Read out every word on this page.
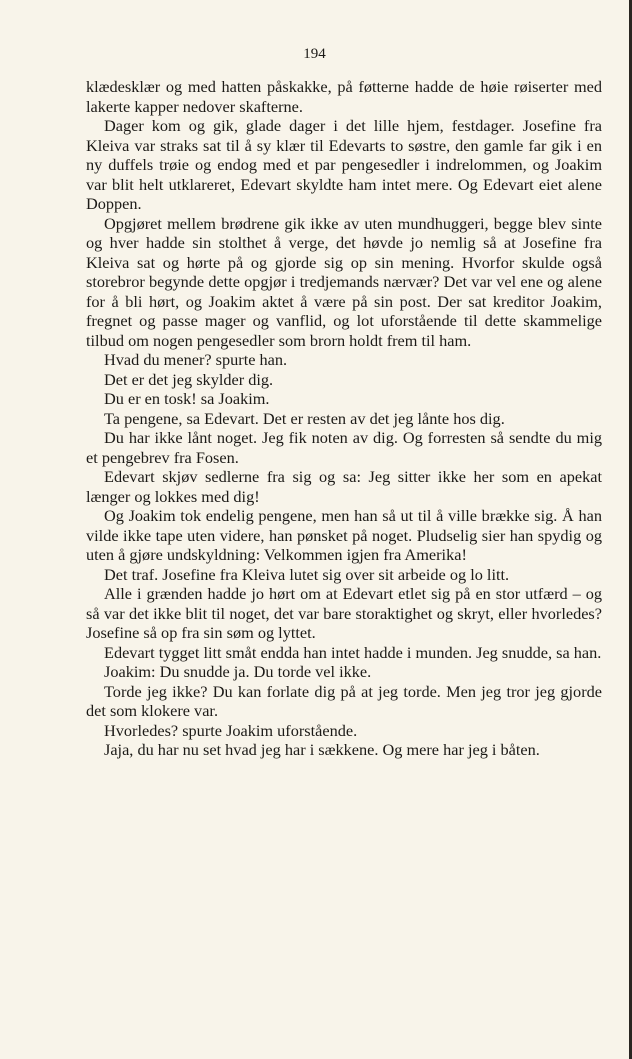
194

klædesklær og med hatten påskakke, på føtterne hadde de høie røiserter med lakerte kapper nedover skafterne.

Dager kom og gik, glade dager i det lille hjem, festdager. Josefine fra Kleiva var straks sat til å sy klær til Edevarts to søstre, den gamle far gik i en ny duffels trøie og endog med et par pengesedler i indrelommen, og Joakim var blit helt utklareret, Edevart skyldte ham intet mere. Og Edevart eiet alene Doppen.

Opgjøret mellem brødrene gik ikke av uten mundhuggeri, begge blev sinte og hver hadde sin stolthet å verge, det høvde jo nemlig så at Josefine fra Kleiva sat og hørte på og gjorde sig op sin mening. Hvorfor skulde også storebror begynde dette opgjør i tredjemands nærvær? Det var vel ene og alene for å bli hørt, og Joakim aktet å være på sin post. Der sat kreditor Joakim, fregnet og passe mager og vanflid, og lot uforstående til dette skammelige tilbud om nogen pengesedler som brorn holdt frem til ham.

Hvad du mener? spurte han.

Det er det jeg skylder dig.

Du er en tosk! sa Joakim.

Ta pengene, sa Edevart. Det er resten av det jeg lånte hos dig.

Du har ikke lånt noget. Jeg fik noten av dig. Og forresten så sendte du mig et pengebrev fra Fosen.

Edevart skjøv sedlerne fra sig og sa: Jeg sitter ikke her som en apekat længer og lokkes med dig!

Og Joakim tok endelig pengene, men han så ut til å ville brække sig. Å han vilde ikke tape uten videre, han pønsket på noget. Pludselig sier han spydig og uten å gjøre undskyldning: Velkommen igjen fra Amerika!

Det traf. Josefine fra Kleiva lutet sig over sit arbeide og lo litt.

Alle i grænden hadde jo hørt om at Edevart etlet sig på en stor utfærd – og så var det ikke blit til noget, det var bare storaktighet og skryt, eller hvorledes? Josefine så op fra sin søm og lyttet.

Edevart tygget litt småt endda han intet hadde i munden. Jeg snudde, sa han.

Joakim: Du snudde ja. Du torde vel ikke.

Torde jeg ikke? Du kan forlate dig på at jeg torde. Men jeg tror jeg gjorde det som klokere var.

Hvorledes? spurte Joakim uforstående.

Jaja, du har nu set hvad jeg har i sækkene. Og mere har jeg i båten.
